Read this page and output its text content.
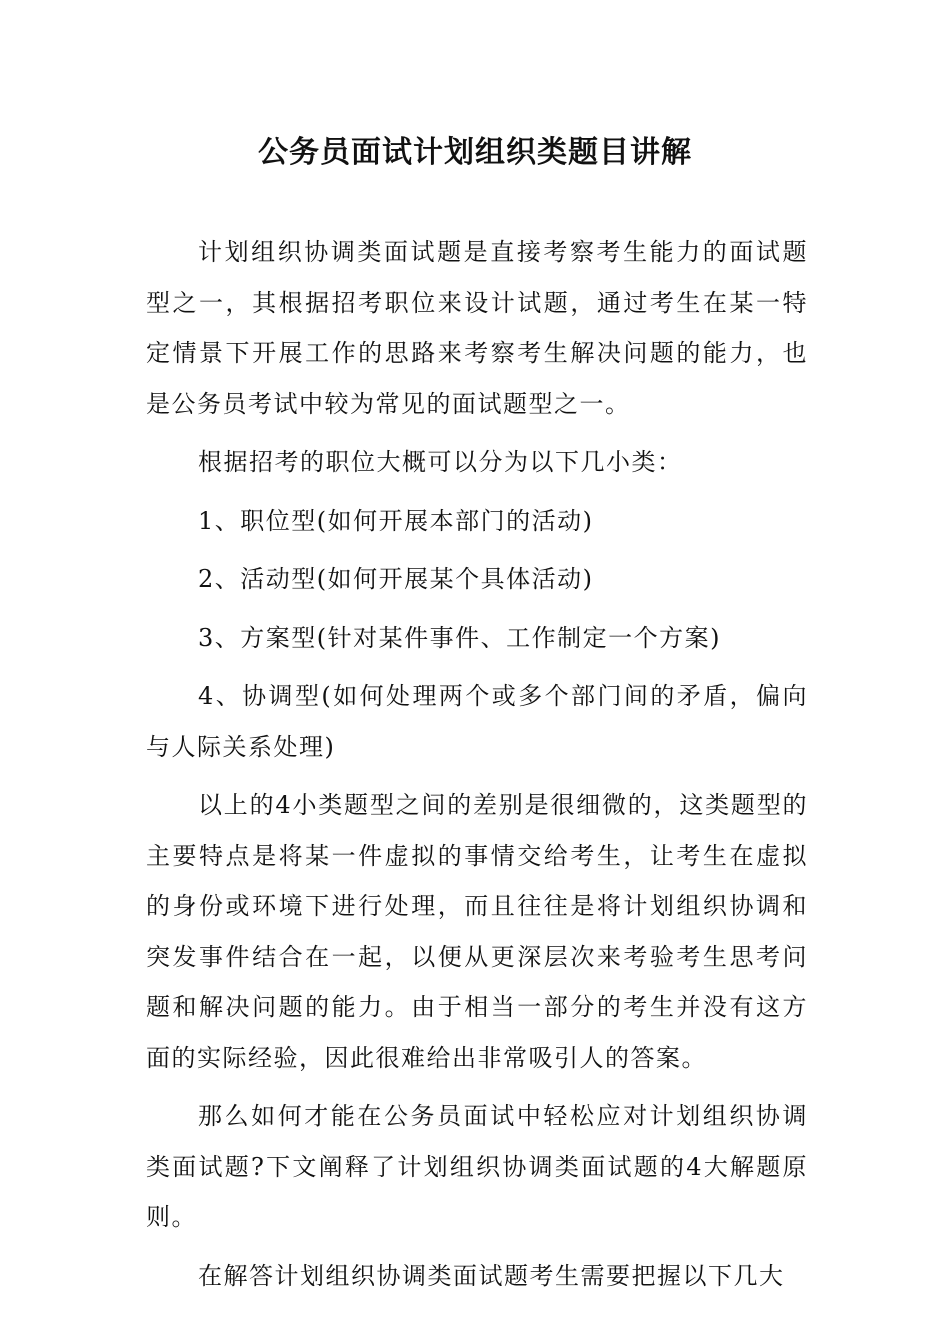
公务员面试计划组织类题目讲解

计划组织协调类面试题是直接考察考生能力的面试题型之一，其根据招考职位来设计试题，通过考生在某一特定情景下开展工作的思路来考察考生解决问题的能力，也是公务员考试中较为常见的面试题型之一。

根据招考的职位大概可以分为以下几小类：

1、职位型(如何开展本部门的活动)

2、活动型(如何开展某个具体活动)

3、方案型(针对某件事件、工作制定一个方案)

4、协调型(如何处理两个或多个部门间的矛盾，偏向与人际关系处理)

以上的4小类题型之间的差别是很细微的，这类题型的主要特点是将某一件虚拟的事情交给考生，让考生在虚拟的身份或环境下进行处理，而且往往是将计划组织协调和突发事件结合在一起，以便从更深层次来考验考生思考问题和解决问题的能力。由于相当一部分的考生并没有这方面的实际经验，因此很难给出非常吸引人的答案。

那么如何才能在公务员面试中轻松应对计划组织协调类面试题?下文阐释了计划组织协调类面试题的4大解题原则。

在解答计划组织协调类面试题考生需要把握以下几大
